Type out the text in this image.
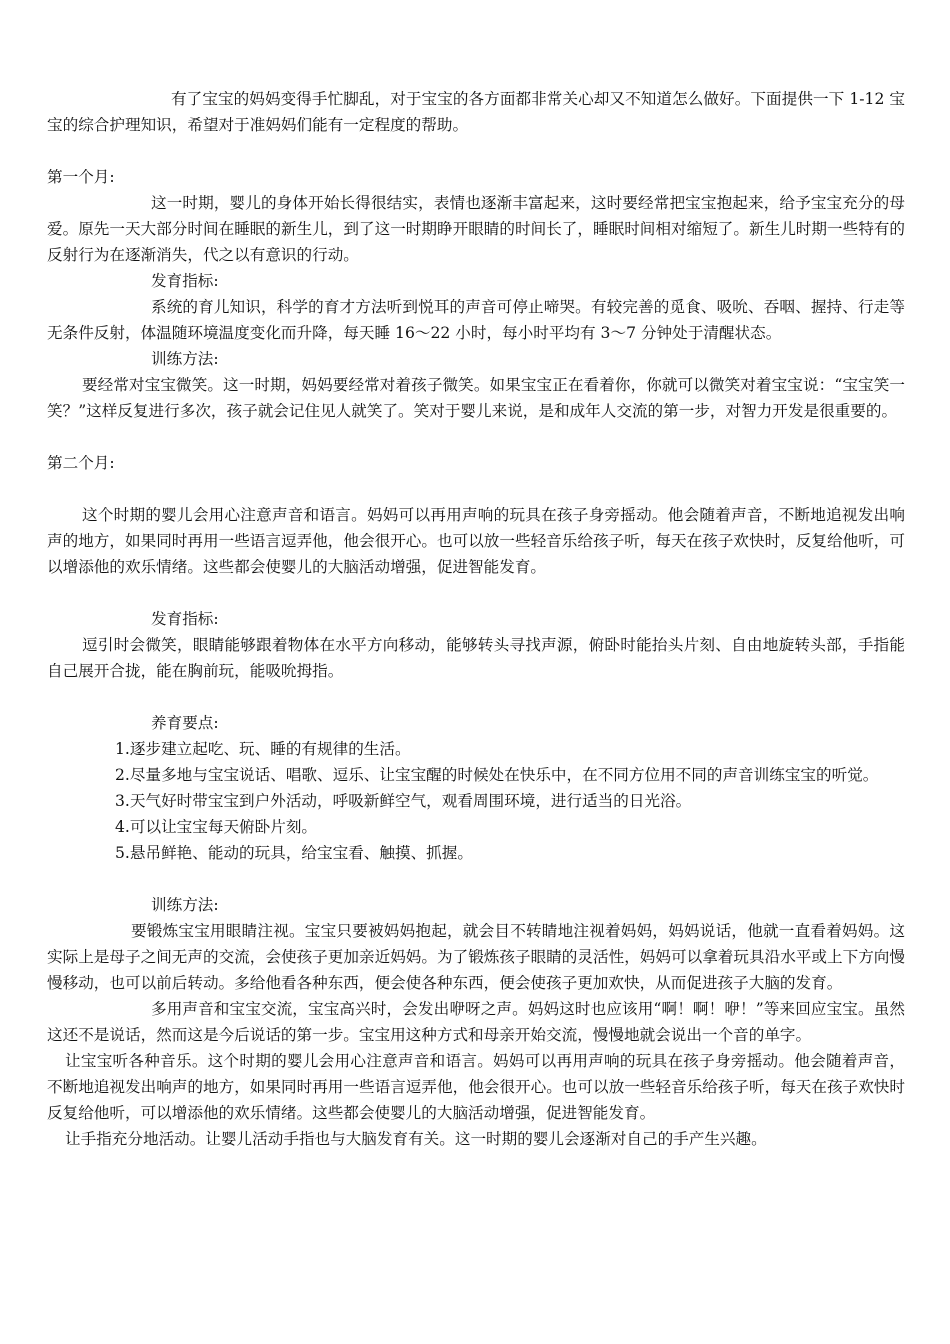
有了宝宝的妈妈变得手忙脚乱，对于宝宝的各方面都非常关心却又不知道怎么做好。下面提供一下 1-12 宝宝的综合护理知识，希望对于准妈妈们能有一定程度的帮助。

第一个月:

这一时期，婴儿的身体开始长得很结实，表情也逐渐丰富起来，这时要经常把宝宝抱起来，给予宝宝充分的母爱。原先一天大部分时间在睡眠的新生儿，到了这一时期睁开眼睛的时间长了，睡眠时间相对缩短了。新生儿时期一些特有的反射行为在逐渐消失，代之以有意识的行动。

发育指标:

系统的育儿知识，科学的育才方法听到悦耳的声音可停止啼哭。有较完善的觅食、吸吮、吞咽、握持、行走等无条件反射，体温随环境温度变化而升降，每天睡 16～22 小时，每小时平均有 3～7 分钟处于清醒状态。

训练方法:

要经常对宝宝微笑。这一时期，妈妈要经常对着孩子微笑。如果宝宝正在看着你，你就可以微笑对着宝宝说：“宝宝笑一笑？”这样反复进行多次，孩子就会记住见人就笑了。笑对于婴儿来说，是和成年人交流的第一步，对智力开发是很重要的。

第二个月:

这个时期的婴儿会用心注意声音和语言。妈妈可以再用声响的玩具在孩子身旁摇动。他会随着声音，不断地追视发出响声的地方，如果同时再用一些语言逗弄他，他会很开心。也可以放一些轻音乐给孩子听，每天在孩子欢快时，反复给他听，可以增添他的欢乐情绪。这些都会使婴儿的大脑活动增强，促进智能发育。

发育指标:

逗引时会微笑，眼睛能够跟着物体在水平方向移动，能够转头寻找声源，俯卧时能抬头片刻、自由地旋转头部，手指能自己展开合拢，能在胸前玩，能吸吮拇指。

养育要点:

1.逐步建立起吃、玩、睡的有规律的生活。

2.尽量多地与宝宝说话、唱歌、逗乐、让宝宝醒的时候处在快乐中，在不同方位用不同的声音训练宝宝的听觉。

3.天气好时带宝宝到户外活动，呼吸新鲜空气，观看周围环境，进行适当的日光浴。

4.可以让宝宝每天俯卧片刻。

5.悬吊鲜艳、能动的玩具，给宝宝看、触摸、抓握。

训练方法:

要锻炼宝宝用眼睛注视。宝宝只要被妈妈抱起，就会目不转睛地注视着妈妈，妈妈说话，他就一直看着妈妈。这实际上是母子之间无声的交流，会使孩子更加亲近妈妈。为了锻炼孩子眼睛的灵活性，妈妈可以拿着玩具沿水平或上下方向慢慢移动，也可以前后转动。多给他看各种东西，便会使各种东西，便会使孩子更加欢快，从而促进孩子大脑的发育。

多用声音和宝宝交流，宝宝高兴时，会发出咿呀之声。妈妈这时也应该用“啊！啊！咿！”等来回应宝宝。虽然这还不是说话，然而这是今后说话的第一步。宝宝用这种方式和母亲开始交流，慢慢地就会说出一个音的单字。

让宝宝听各种音乐。这个时期的婴儿会用心注意声音和语言。妈妈可以再用声响的玩具在孩子身旁摇动。他会随着声音，不断地追视发出响声的地方，如果同时再用一些语言逗弄他，他会很开心。也可以放一些轻音乐给孩子听，每天在孩子欢快时反复给他听，可以增添他的欢乐情绪。这些都会使婴儿的大脑活动增强，促进智能发育。

让手指充分地活动。让婴儿活动手指也与大脑发育有关。这一时期的婴儿会逐渐对自己的手产生兴趣。
